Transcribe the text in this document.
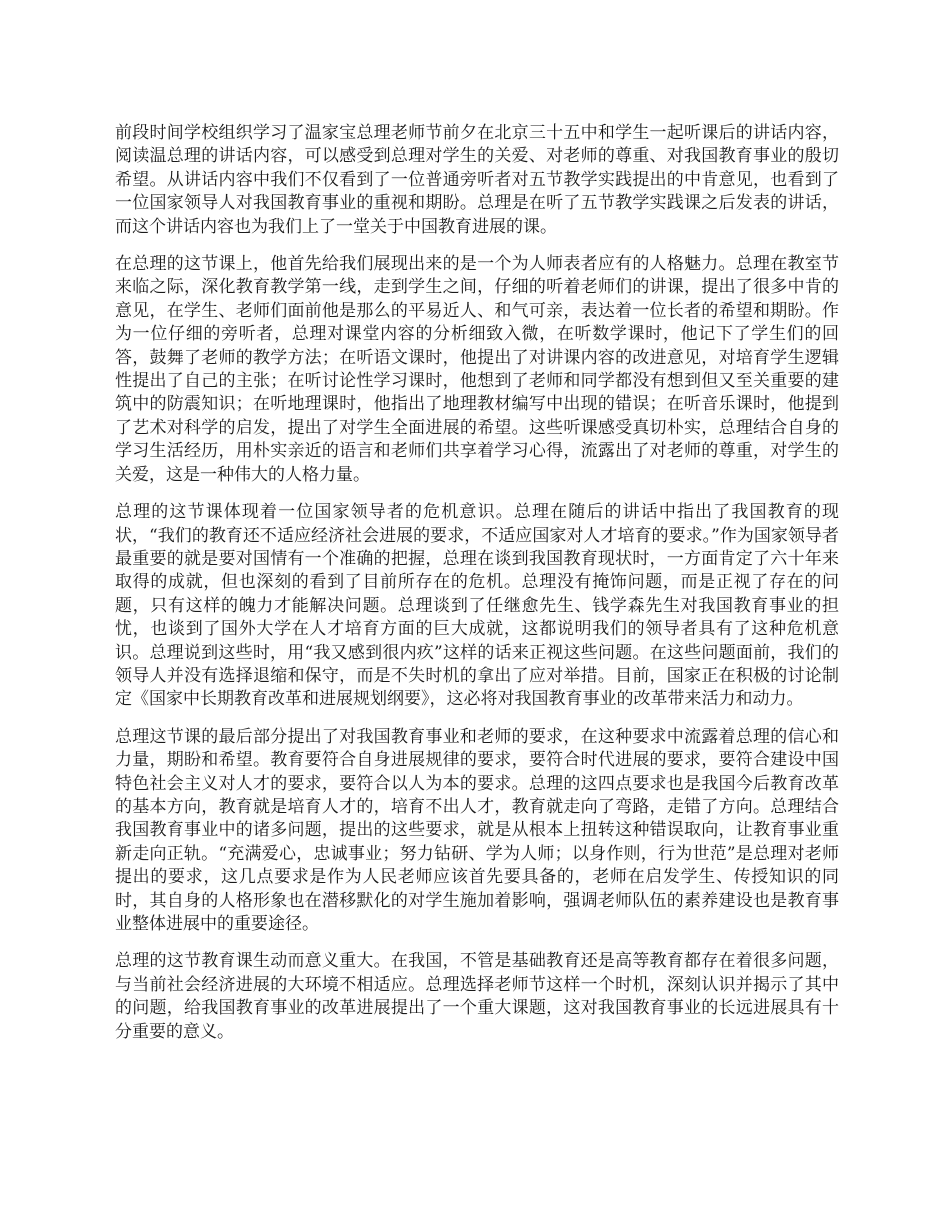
前段时间学校组织学习了温家宝总理老师节前夕在北京三十五中和学生一起听课后的讲话内容，阅读温总理的讲话内容，可以感受到总理对学生的关爱、对老师的尊重、对我国教育事业的殷切希望。从讲话内容中我们不仅看到了一位普通旁听者对五节教学实践提出的中肯意见，也看到了一位国家领导人对我国教育事业的重视和期盼。总理是在听了五节教学实践课之后发表的讲话，而这个讲话内容也为我们上了一堂关于中国教育进展的课。

在总理的这节课上，他首先给我们展现出来的是一个为人师表者应有的人格魅力。总理在教室节来临之际，深化教育教学第一线，走到学生之间，仔细的听着老师们的讲课，提出了很多中肯的意见，在学生、老师们面前他是那么的平易近人、和气可亲，表达着一位长者的希望和期盼。作为一位仔细的旁听者，总理对课堂内容的分析细致入微，在听数学课时，他记下了学生们的回答，鼓舞了老师的教学方法；在听语文课时，他提出了对讲课内容的改进意见，对培育学生逻辑性提出了自己的主张；在听讨论性学习课时，他想到了老师和同学都没有想到但又至关重要的建筑中的防震知识；在听地理课时，他指出了地理教材编写中出现的错误；在听音乐课时，他提到了艺术对科学的启发，提出了对学生全面进展的希望。这些听课感受真切朴实，总理结合自身的学习生活经历，用朴实亲近的语言和老师们共享着学习心得，流露出了对老师的尊重，对学生的关爱，这是一种伟大的人格力量。

总理的这节课体现着一位国家领导者的危机意识。总理在随后的讲话中指出了我国教育的现状，“我们的教育还不适应经济社会进展的要求，不适应国家对人才培育的要求。”作为国家领导者最重要的就是要对国情有一个准确的把握，总理在谈到我国教育现状时，一方面肯定了六十年来取得的成就，但也深刻的看到了目前所存在的危机。总理没有掩饰问题，而是正视了存在的问题，只有这样的魄力才能解决问题。总理谈到了任继愈先生、钱学森先生对我国教育事业的担忧，也谈到了国外大学在人才培育方面的巨大成就，这都说明我们的领导者具有了这种危机意识。总理说到这些时，用“我又感到很内疚”这样的话来正视这些问题。在这些问题面前，我们的领导人并没有选择退缩和保守，而是不失时机的拿出了应对举措。目前，国家正在积极的讨论制定《国家中长期教育改革和进展规划纲要》，这必将对我国教育事业的改革带来活力和动力。

总理这节课的最后部分提出了对我国教育事业和老师的要求，在这种要求中流露着总理的信心和力量，期盼和希望。教育要符合自身进展规律的要求，要符合时代进展的要求，要符合建设中国特色社会主义对人才的要求，要符合以人为本的要求。总理的这四点要求也是我国今后教育改革的基本方向，教育就是培育人才的，培育不出人才，教育就走向了弯路，走错了方向。总理结合我国教育事业中的诸多问题，提出的这些要求，就是从根本上扭转这种错误取向，让教育事业重新走向正轨。“充满爱心，忠诚事业；努力钻研、学为人师；以身作则，行为世范”是总理对老师提出的要求，这几点要求是作为人民老师应该首先要具备的，老师在启发学生、传授知识的同时，其自身的人格形象也在潜移默化的对学生施加着影响，强调老师队伍的素养建设也是教育事业整体进展中的重要途径。

总理的这节教育课生动而意义重大。在我国，不管是基础教育还是高等教育都存在着很多问题，与当前社会经济进展的大环境不相适应。总理选择老师节这样一个时机，深刻认识并揭示了其中的问题，给我国教育事业的改革进展提出了一个重大课题，这对我国教育事业的长远进展具有十分重要的意义。
